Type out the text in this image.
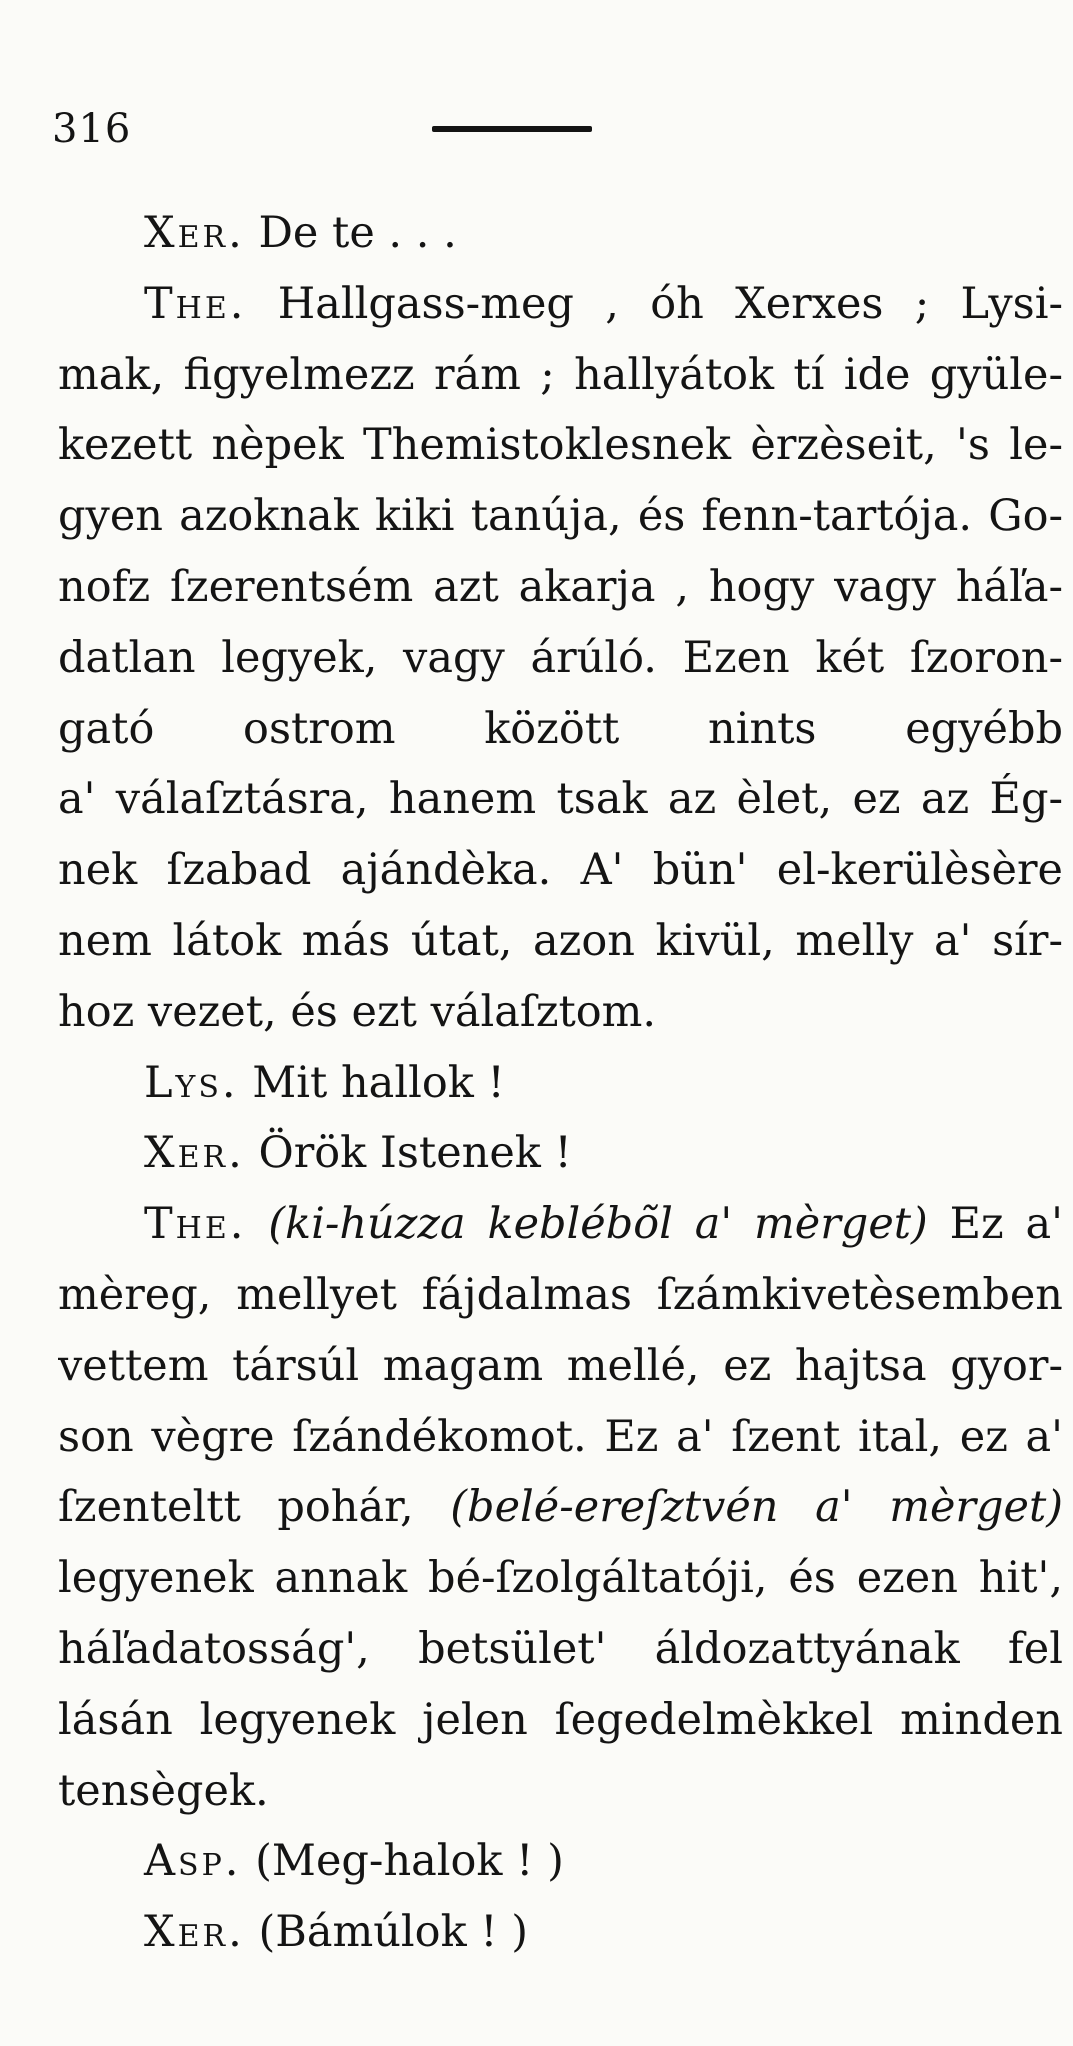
316
Xer. De te . . .
The. Hallgass-meg , óh Xerxes ; Lysi-
mak, figyelmezz rám ; hallyátok tí ide gyüle-
kezett nèpek Themistoklesnek èrzèseit, 's le-
gyen azoknak kiki tanúja, és fenn-tartója. Go-
nofz ſzerentsém azt akarja , hogy vagy háľa-
datlan legyek, vagy árúló. Ezen két ſzoron-
gató ostrom között nints egyébb
a' válaſztásra, hanem tsak az èlet, ez az Ég-
nek ſzabad ajándèka. A' bün' el-kerülèsère
nem látok más útat, azon kivül, melly a' sír-
hoz vezet, és ezt válaſztom.
Lys. Mit hallok !
Xer. Örök Istenek !
The. (ki-húzza keblébõl a' mèrget) Ez a'
mèreg, mellyet fájdalmas ſzámkivetèsemben
vettem társúl magam mellé, ez hajtsa gyor-
son vègre ſzándékomot. Ez a' ſzent ital, ez a'
ſzenteltt pohár, (belé-ereſztvén a' mèrget)
legyenek annak bé-ſzolgáltatóji, és ezen hit',
háľadatosság', betsület' áldozattyának fel
lásán legyenek jelen ſegedelmèkkel minden
tensègek.
Asp. (Meg-halok ! )
Xer. (Bámúlok ! )
